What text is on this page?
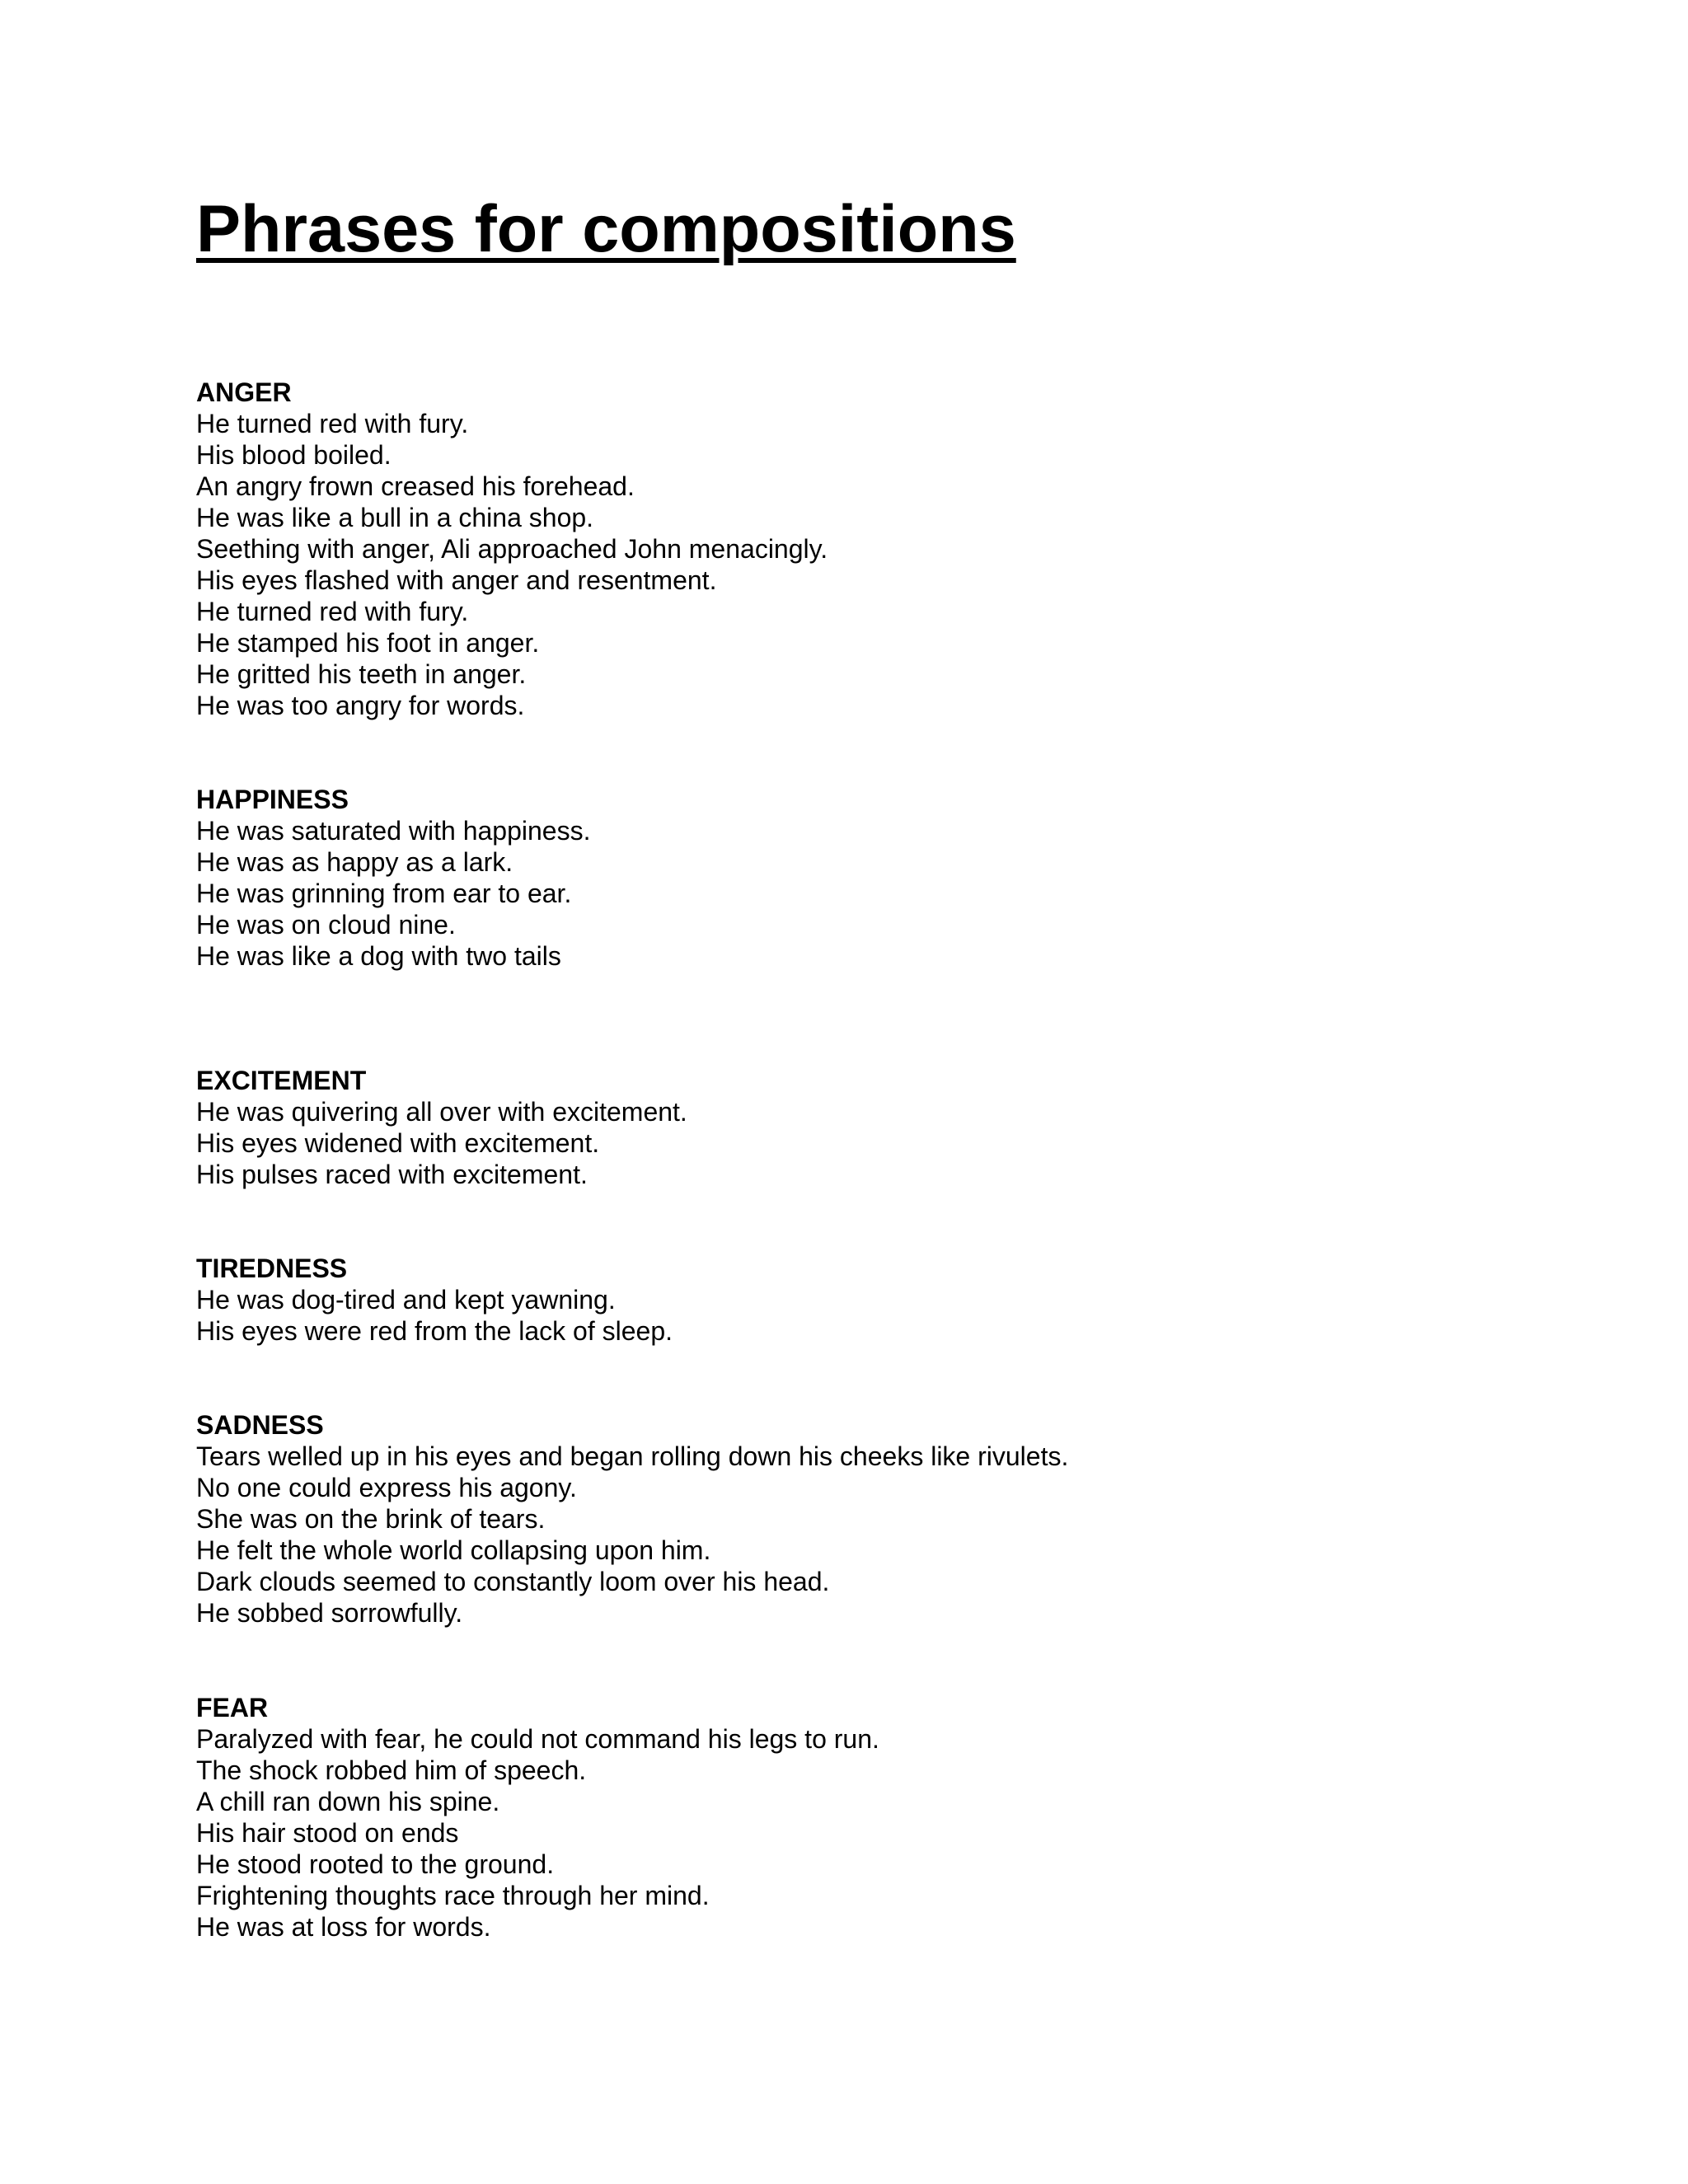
Phrases for compositions
ANGER
He turned red with fury.
His blood boiled.
An angry frown creased his forehead.
He was like a bull in a china shop.
Seething with anger, Ali approached John menacingly.
His eyes flashed with anger and resentment.
He turned red with fury.
He stamped his foot in anger.
He gritted his teeth in anger.
He was too angry for words.
HAPPINESS
He was saturated with happiness.
He was as happy as a lark.
He was grinning from ear to ear.
He was on cloud nine.
He was like a dog with two tails
EXCITEMENT
He was quivering all over with excitement.
His eyes widened with excitement.
His pulses raced with excitement.
TIREDNESS
He was dog-tired and kept yawning.
His eyes were red from the lack of sleep.
SADNESS
Tears welled up in his eyes and began rolling down his cheeks like rivulets.
No one could express his agony.
She was on the brink of tears.
He felt the whole world collapsing upon him.
Dark clouds seemed to constantly loom over his head.
He sobbed sorrowfully.
FEAR
Paralyzed with fear, he could not command his legs to run.
The shock robbed him of speech.
A chill ran down his spine.
His hair stood on ends
He stood rooted to the ground.
Frightening thoughts race through her mind.
He was at loss for words.
